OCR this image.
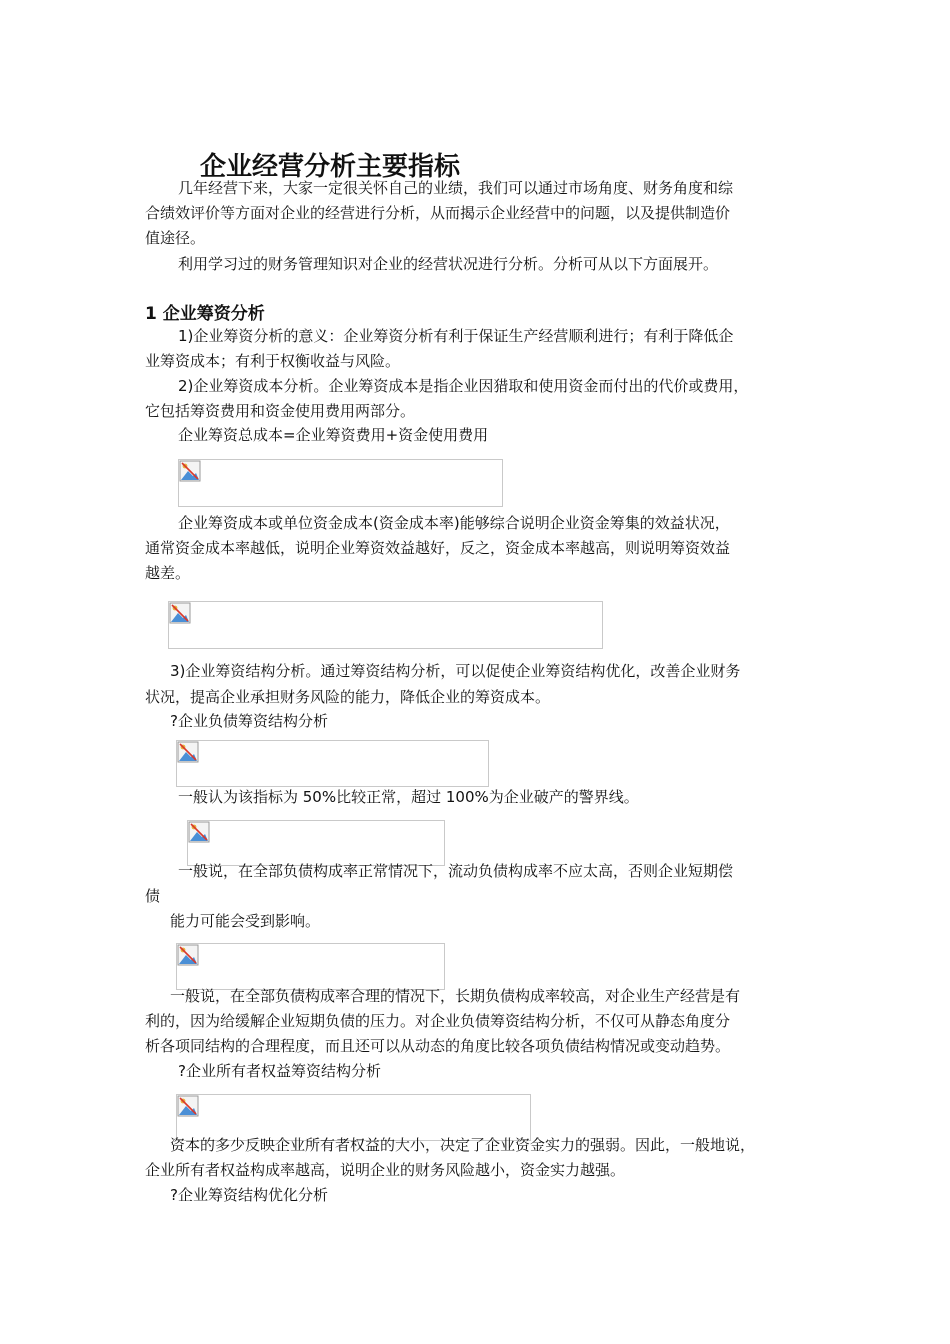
企业经营分析主要指标

几年经营下来，大家一定很关怀自己的业绩，我们可以通过市场角度、财务角度和综

合绩效评价等方面对企业的经营进行分析，从而揭示企业经营中的问题，以及提供制造价

值途径。

利用学习过的财务管理知识对企业的经营状况进行分析。分析可从以下方面展开。

1 企业筹资分析

1)企业筹资分析的意义：企业筹资分析有利于保证生产经营顺利进行；有利于降低企

业筹资成本；有利于权衡收益与风险。

2)企业筹资成本分析。企业筹资成本是指企业因猎取和使用资金而付出的代价或费用，

它包括筹资费用和资金使用费用两部分。

企业筹资总成本=企业筹资费用+资金使用费用

企业筹资成本或单位资金成本(资金成本率)能够综合说明企业资金筹集的效益状况，

通常资金成本率越低，说明企业筹资效益越好，反之，资金成本率越高，则说明筹资效益

越差。

3)企业筹资结构分析。通过筹资结构分析，可以促使企业筹资结构优化，改善企业财务

状况，提高企业承担财务风险的能力，降低企业的筹资成本。

?企业负债筹资结构分析

一般认为该指标为 50%比较正常，超过 100%为企业破产的警界线。

一般说，在全部负债构成率正常情况下，流动负债构成率不应太高，否则企业短期偿

债

能力可能会受到影响。

一般说，在全部负债构成率合理的情况下，长期负债构成率较高，对企业生产经营是有

利的，因为给缓解企业短期负债的压力。对企业负债筹资结构分析，不仅可从静态角度分

析各项同结构的合理程度，而且还可以从动态的角度比较各项负债结构情况或变动趋势。

?企业所有者权益筹资结构分析

资本的多少反映企业所有者权益的大小，决定了企业资金实力的强弱。因此，一般地说，

企业所有者权益构成率越高，说明企业的财务风险越小，资金实力越强。

?企业筹资结构优化分析
